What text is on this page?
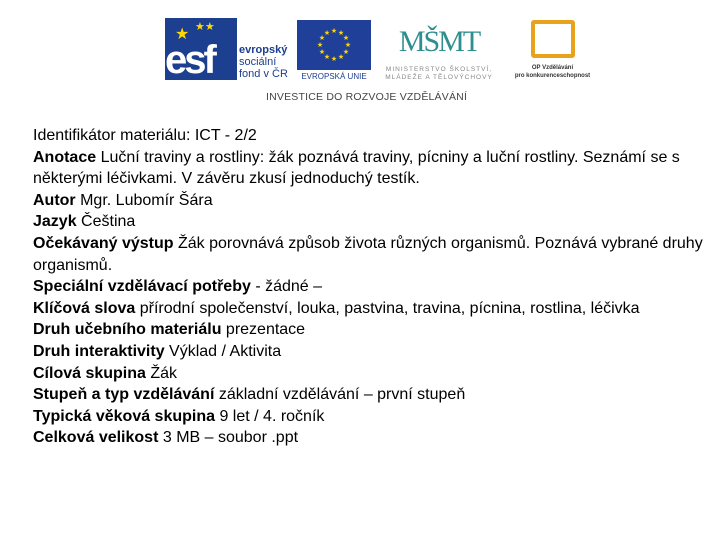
★ ★★
esf	evropský
sociální
fond v ČR
★ ★
★
★
★
★
★
★
★
★
★
★
EVROPSKÁ UNIE
MŠMT
MINISTERSTVO ŠKOLSTVÍ,
MLÁDEŽE A TĚLOVÝCHOVY
OP Vzdělávání
pro konkurenceschopnost
INVESTICE DO ROZVOJE VZDĚLÁVÁNÍ
Identifikátor materiálu: ICT - 2/2
Anotace Luční traviny a rostliny: žák poznává traviny, pícniny a luční rostliny. Seznámí se s některými léčivkami. V závěru zkusí jednoduchý testík.
Autor Mgr. Lubomír Šára
Jazyk Čeština
Očekávaný výstup Žák porovnává způsob života různých organismů. Poznává vybrané druhy organismů.
Speciální vzdělávací potřeby - žádné –
Klíčová slova přírodní společenství, louka, pastvina, travina, pícnina, rostlina, léčivka
Druh učebního materiálu prezentace
Druh interaktivity Výklad / Aktivita
Cílová skupina Žák
Stupeň a typ vzdělávání základní vzdělávání – první stupeň
Typická věková skupina 9 let / 4. ročník
Celková velikost 3 MB – soubor .ppt
